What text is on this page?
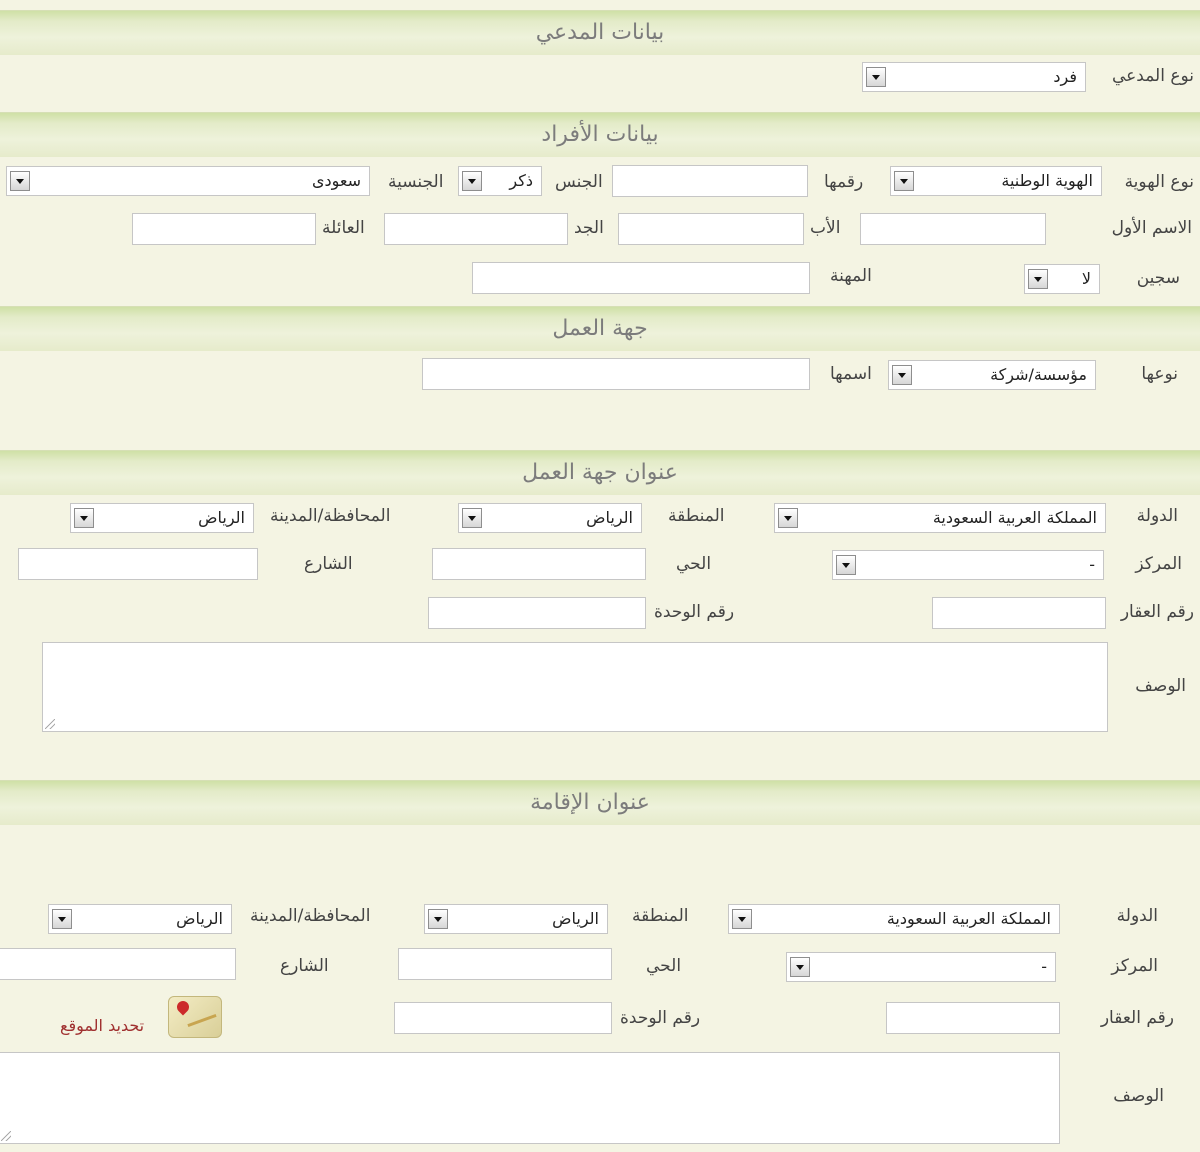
بيانات المدعي
نوع المدعي
فرد
بيانات الأفراد
نوع الهوية
الهوية الوطنية
رقمها
الجنس
ذكر
الجنسية
سعودى
الاسم الأول
الأب
الجد
العائلة
سجين
لا
المهنة
جهة العمل
نوعها
مؤسسة/شركة
اسمها
عنوان جهة العمل
الدولة
المملكة العربية السعودية
المنطقة
الرياض
المحافظة/المدينة
الرياض
المركز
-
الحي
الشارع
رقم العقار
رقم الوحدة
الوصف
عنوان الإقامة
الدولة
المملكة العربية السعودية
المنطقة
الرياض
المحافظة/المدينة
الرياض
المركز
-
الحي
الشارع
رقم العقار
رقم الوحدة
تحديد الموقع
الوصف
